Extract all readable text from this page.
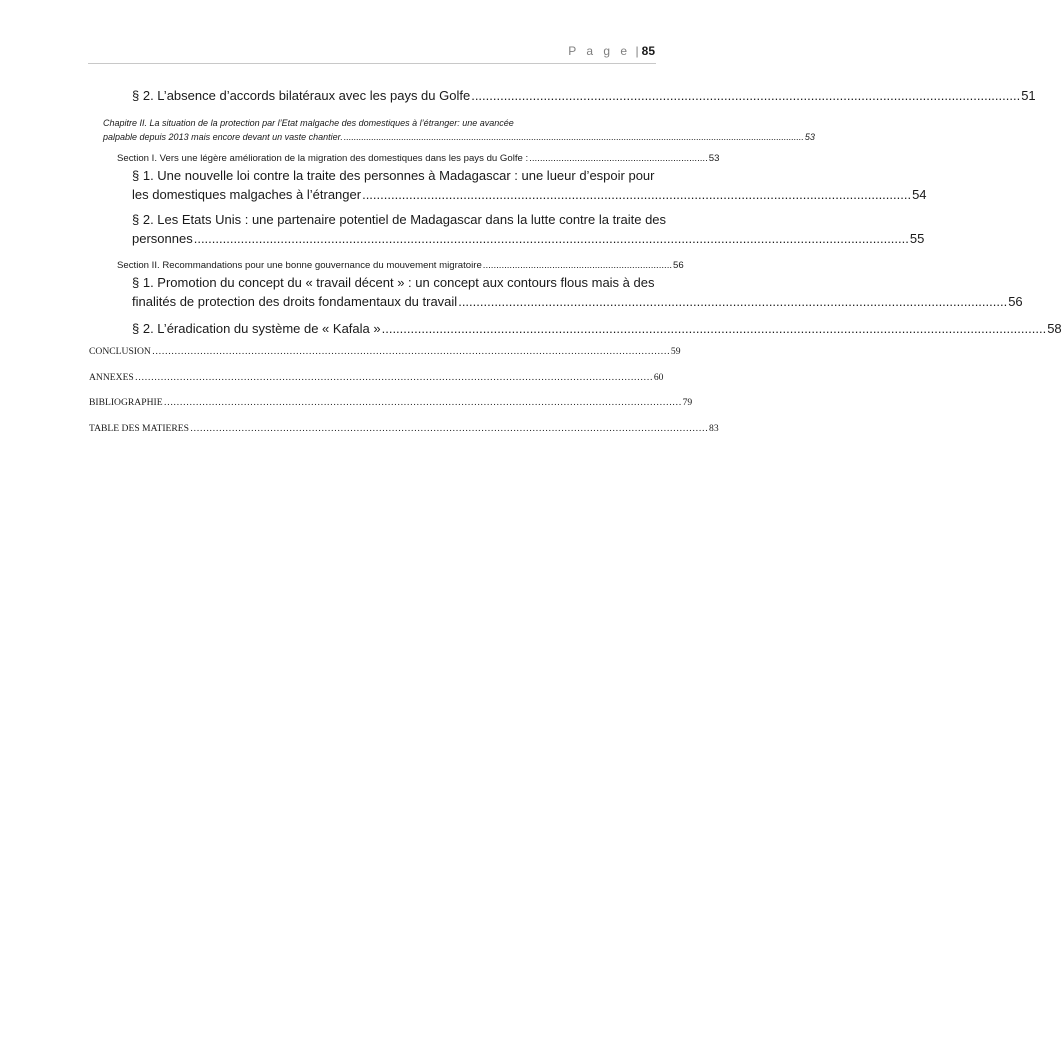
P a g e | 85
§ 2. L’absence d’accords bilatéraux avec les pays du Golfe ........................................................................................................................................................ 51
Chapitre II. La situation de la protection par l’Etat malgache des domestiques à l’étranger: une avancée
palpable depuis 2013 mais encore devant un vaste chantier. ........................................................................................................................................................................................ 53
Section I. Vers une légère amélioration de la migration des domestiques dans les pays du Golfe : ................................................................... 53
§ 1. Une nouvelle loi contre la traite des personnes à Madagascar : une lueur d’espoir pour
les domestiques malgaches à l’étranger ........................................................................................................................................................ 54
§ 2. Les Etats Unis : une partenaire potentiel de Madagascar dans la lutte contre la traite des
personnes ...................................................................................................................................................................................................... 55
Section II. Recommandations pour une bonne gouvernance du mouvement migratoire ....................................................................... 56
§ 1. Promotion du concept du « travail décent » : un concept aux contours flous mais à des
finalités de protection des droits fondamentaux du travail ........................................................................................................................................................ 56
§ 2. L’éradication du système de « Kafala » ........................................................................................................................................................................................ 58
CONCLUSION ……………………………………………………………………………………………………………………………………………… 59
ANNEXES ……………………………………………………………………………………………………………………………………………… 60
BIBLIOGRAPHIE ……………………………………………………………………………………………………………………………………………… 79
TABLE DES MATIERES ……………………………………………………………………………………………………………………………………………… 83
